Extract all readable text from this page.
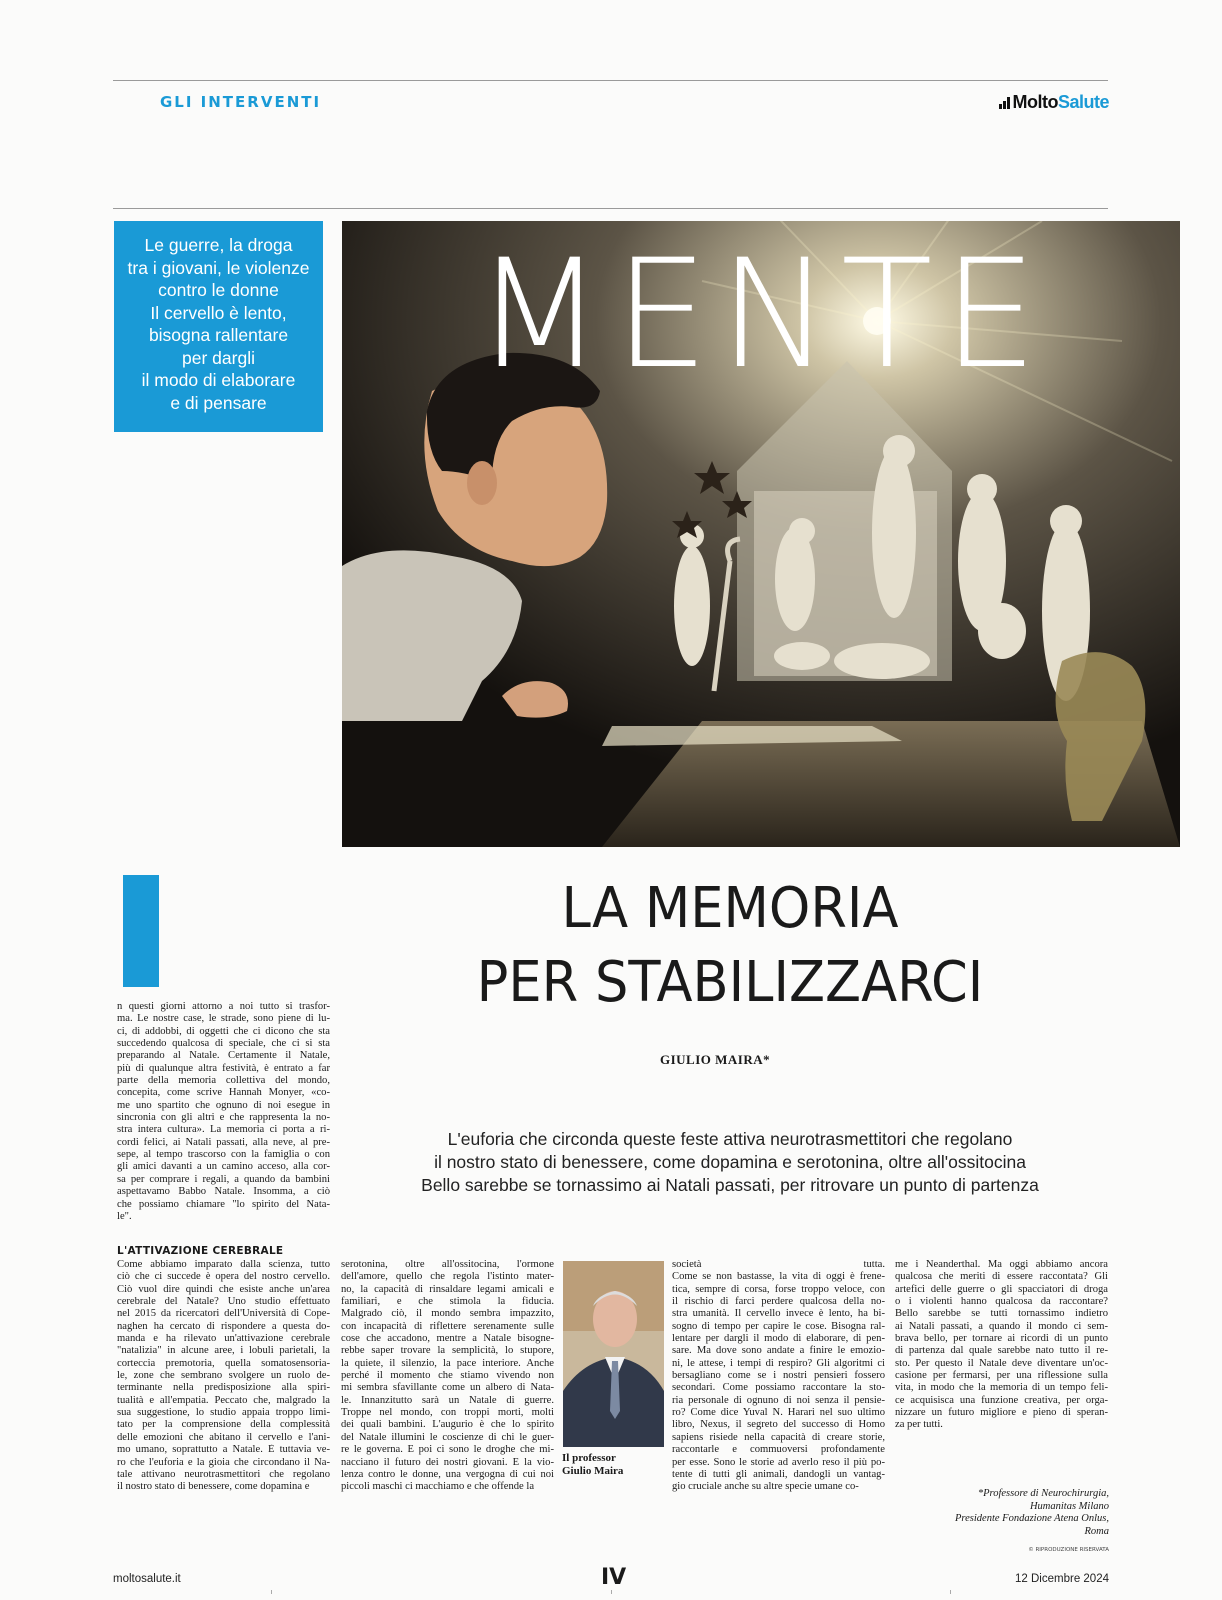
GLI INTERVENTI	Molto Salute
Le guerre, la droga
tra i giovani, le violenze
contro le donne
Il cervello è lento,
bisogna rallentare
per dargli
il modo di elaborare
e di pensare
MENTE
LA MEMORIA
PER STABILIZZARCI
GIULIO MAIRA*
L'euforia che circonda queste feste attiva neurotrasmettitori che regolano
il nostro stato di benessere, come dopamina e serotonina, oltre all'ossitocina
Bello sarebbe se tornassimo ai Natali passati, per ritrovare un punto di partenza
n questi giorni attorno a noi tutto si trasfor-
ma. Le nostre case, le strade, sono piene di lu-
ci, di addobbi, di oggetti che ci dicono che sta
succedendo qualcosa di speciale, che ci si sta
preparando al Natale. Certamente il Natale,
più di qualunque altra festività, è entrato a far
parte della memoria collettiva del mondo,
concepita, come scrive Hannah Monyer, «co-
me uno spartito che ognuno di noi esegue in
sincronia con gli altri e che rappresenta la no-
stra intera cultura». La memoria ci porta a ri-
cordi felici, ai Natali passati, alla neve, al pre-
sepe, al tempo trascorso con la famiglia o con
gli amici davanti a un camino acceso, alla cor-
sa per comprare i regali, a quando da bambini
aspettavamo Babbo Natale. Insomma, a ciò
che possiamo chiamare "lo spirito del Nata-
le".
L'ATTIVAZIONE CEREBRALE
Come abbiamo imparato dalla scienza, tutto
ciò che ci succede è opera del nostro cervello.
Ciò vuol dire quindi che esiste anche un'area
cerebrale del Natale? Uno studio effettuato
nel 2015 da ricercatori dell'Università di Cope-
naghen ha cercato di rispondere a questa do-
manda e ha rilevato un'attivazione cerebrale
"natalizia" in alcune aree, i lobuli parietali, la
corteccia premotoria, quella somatosensoria-
le, zone che sembrano svolgere un ruolo de-
terminante nella predisposizione alla spiri-
tualità e all'empatia. Peccato che, malgrado la
sua suggestione, lo studio appaia troppo limi-
tato per la comprensione della complessità
delle emozioni che abitano il cervello e l'ani-
mo umano, soprattutto a Natale. È tuttavia ve-
ro che l'euforia e la gioia che circondano il Na-
tale attivano neurotrasmettitori che regolano
il nostro stato di benessere, come dopamina e
serotonina, oltre all'ossitocina, l'ormone
dell'amore, quello che regola l'istinto mater-
no, la capacità di rinsaldare legami amicali e
familiari, e che stimola la fiducia.
Malgrado ciò, il mondo sembra impazzito,
con incapacità di riflettere serenamente sulle
cose che accadono, mentre a Natale bisogne-
rebbe saper trovare la semplicità, lo stupore,
la quiete, il silenzio, la pace interiore. Anche
perché il momento che stiamo vivendo non
mi sembra sfavillante come un albero di Nata-
le. Innanzitutto sarà un Natale di guerre.
Troppe nel mondo, con troppi morti, molti
dei quali bambini. L'augurio è che lo spirito
del Natale illumini le coscienze di chi le guer-
re le governa. E poi ci sono le droghe che mi-
nacciano il futuro dei nostri giovani. E la vio-
lenza contro le donne, una vergogna di cui noi
piccoli maschi ci macchiamo e che offende la
Il professor
Giulio Maira
società tutta.
Come se non bastasse, la vita di oggi è frene-
tica, sempre di corsa, forse troppo veloce, con
il rischio di farci perdere qualcosa della no-
stra umanità. Il cervello invece è lento, ha bi-
sogno di tempo per capire le cose. Bisogna ral-
lentare per dargli il modo di elaborare, di pen-
sare. Ma dove sono andate a finire le emozio-
ni, le attese, i tempi di respiro? Gli algoritmi ci
bersagliano come se i nostri pensieri fossero
secondari. Come possiamo raccontare la sto-
ria personale di ognuno di noi senza il pensie-
ro? Come dice Yuval N. Harari nel suo ultimo
libro, Nexus, il segreto del successo di Homo
sapiens risiede nella capacità di creare storie,
raccontarle e commuoversi profondamente
per esse. Sono le storie ad averlo reso il più po-
tente di tutti gli animali, dandogli un vantag-
gio cruciale anche su altre specie umane co-
me i Neanderthal. Ma oggi abbiamo ancora
qualcosa che meriti di essere raccontata? Gli
artefici delle guerre o gli spacciatori di droga
o i violenti hanno qualcosa da raccontare?
Bello sarebbe se tutti tornassimo indietro
ai Natali passati, a quando il mondo ci sem-
brava bello, per tornare ai ricordi di un punto
di partenza dal quale sarebbe nato tutto il re-
sto. Per questo il Natale deve diventare un'oc-
casione per fermarsi, per una riflessione sulla
vita, in modo che la memoria di un tempo feli-
ce acquisisca una funzione creativa, per orga-
nizzare un futuro migliore e pieno di speran-
za per tutti.
*Professore di Neurochirurgia,
Humanitas Milano
Presidente Fondazione Atena Onlus,
Roma
© RIPRODUZIONE RISERVATA
moltosalute.it	IV	12 Dicembre 2024
